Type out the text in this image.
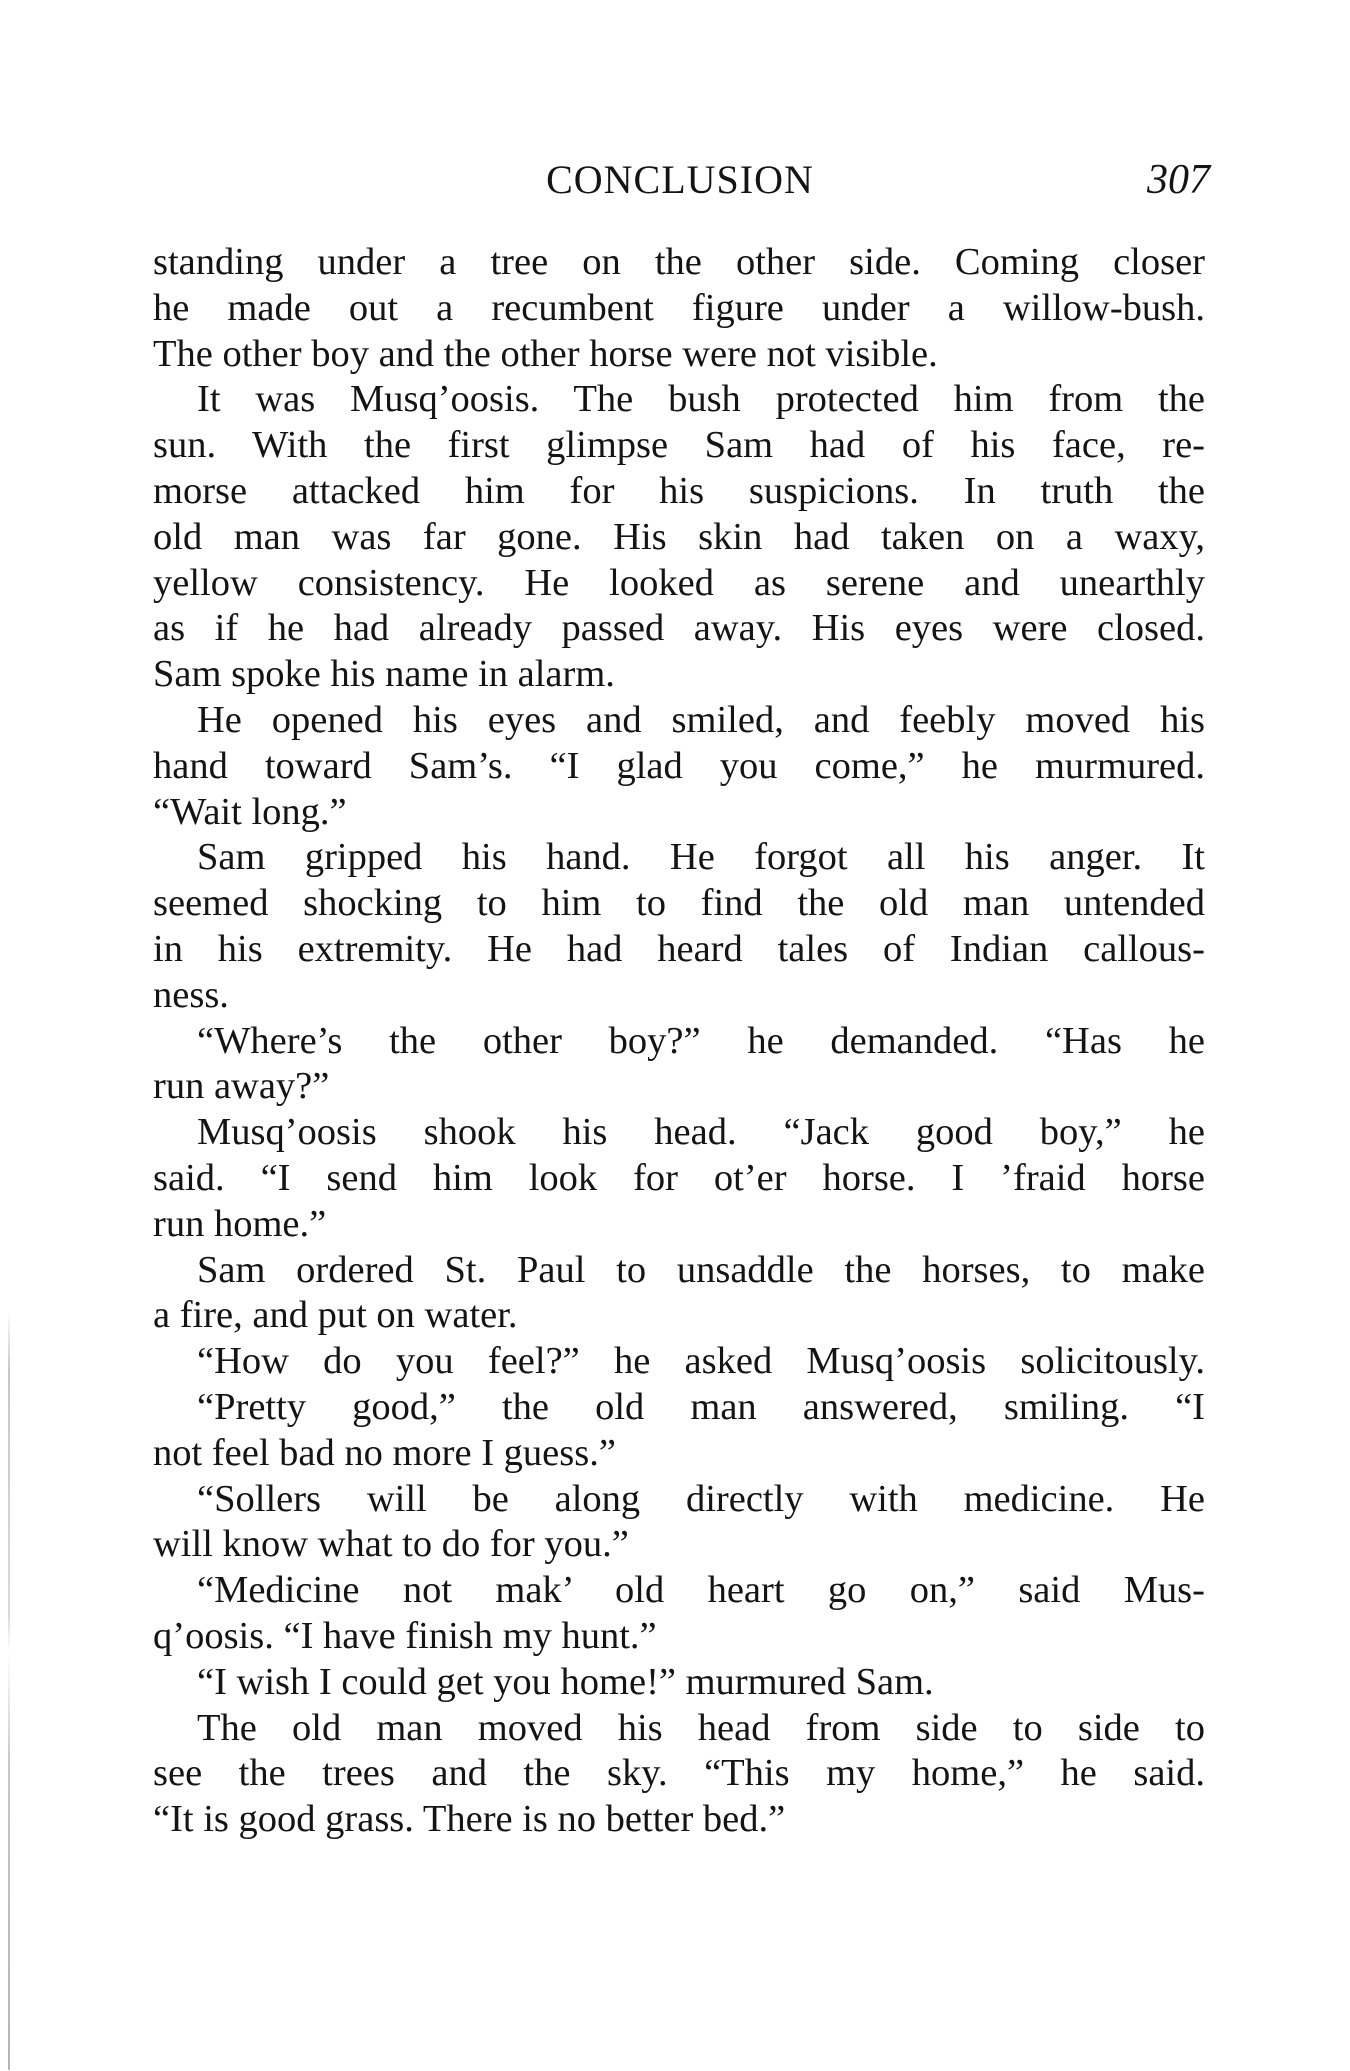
CONCLUSION	307
standing under a tree on the other side. Coming closer
he made out a recumbent figure under a willow-bush.
The other boy and the other horse were not visible.
It was Musq’oosis. The bush protected him from the
sun. With the first glimpse Sam had of his face, re-
morse attacked him for his suspicions. In truth the
old man was far gone. His skin had taken on a waxy,
yellow consistency. He looked as serene and unearthly
as if he had already passed away. His eyes were closed.
Sam spoke his name in alarm.
He opened his eyes and smiled, and feebly moved his
hand toward Sam’s. “I glad you come,” he murmured.
“Wait long.”
Sam gripped his hand. He forgot all his anger. It
seemed shocking to him to find the old man untended
in his extremity. He had heard tales of Indian callous-
ness.
“Where’s the other boy?” he demanded. “Has he
run away?”
Musq’oosis shook his head. “Jack good boy,” he
said. “I send him look for ot’er horse. I ’fraid horse
run home.”
Sam ordered St. Paul to unsaddle the horses, to make
a fire, and put on water.
“How do you feel?” he asked Musq’oosis solicitously.
“Pretty good,” the old man answered, smiling. “I
not feel bad no more I guess.”
“Sollers will be along directly with medicine. He
will know what to do for you.”
“Medicine not mak’ old heart go on,” said Mus-
q’oosis. “I have finish my hunt.”
“I wish I could get you home!” murmured Sam.
The old man moved his head from side to side to
see the trees and the sky. “This my home,” he said.
“It is good grass. There is no better bed.”
